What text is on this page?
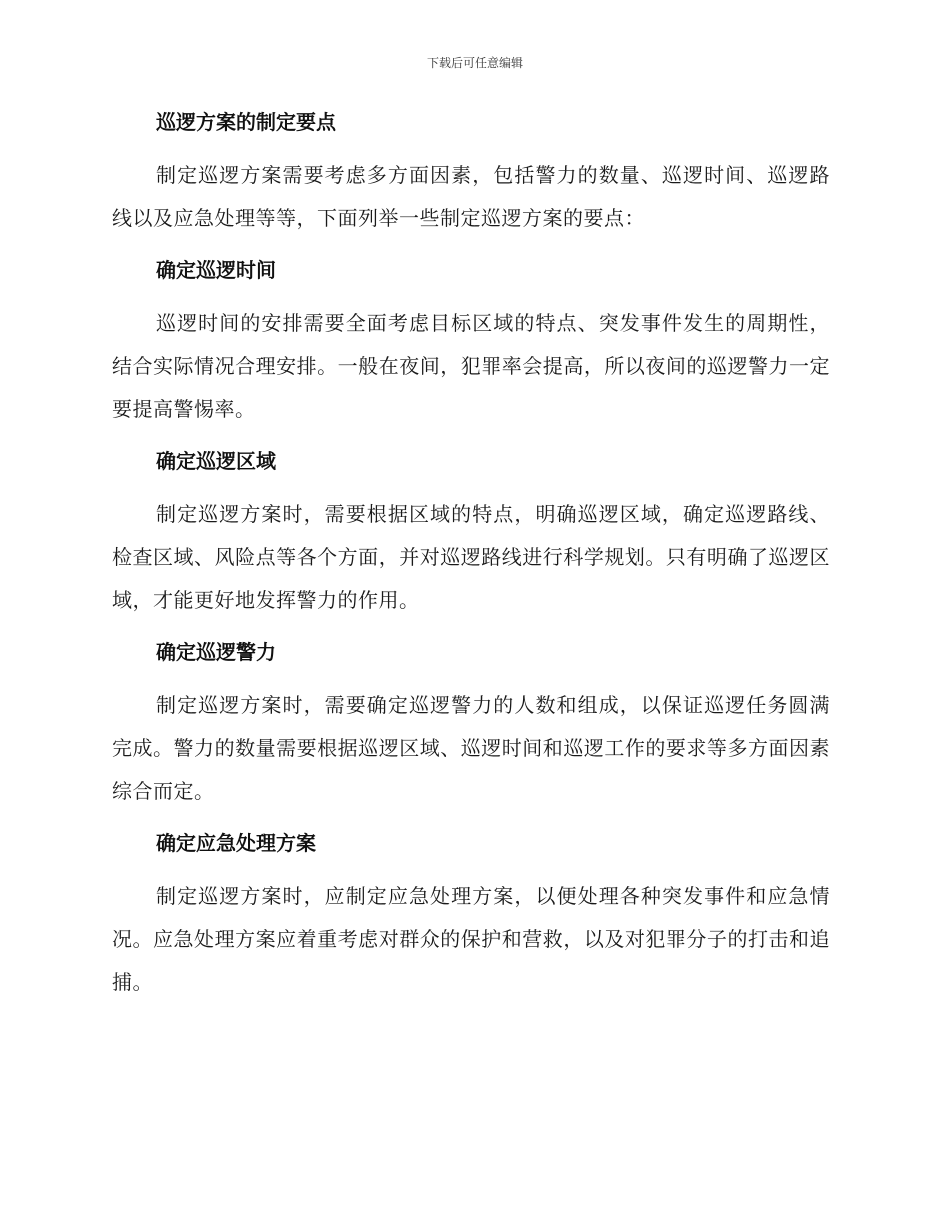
下载后可任意编辑
巡逻方案的制定要点
制定巡逻方案需要考虑多方面因素，包括警力的数量、巡逻时间、巡逻路线以及应急处理等等，下面列举一些制定巡逻方案的要点：
确定巡逻时间
巡逻时间的安排需要全面考虑目标区域的特点、突发事件发生的周期性，结合实际情况合理安排。一般在夜间，犯罪率会提高，所以夜间的巡逻警力一定要提高警惕率。
确定巡逻区域
制定巡逻方案时，需要根据区域的特点，明确巡逻区域，确定巡逻路线、检查区域、风险点等各个方面，并对巡逻路线进行科学规划。只有明确了巡逻区域，才能更好地发挥警力的作用。
确定巡逻警力
制定巡逻方案时，需要确定巡逻警力的人数和组成，以保证巡逻任务圆满完成。警力的数量需要根据巡逻区域、巡逻时间和巡逻工作的要求等多方面因素综合而定。
确定应急处理方案
制定巡逻方案时，应制定应急处理方案，以便处理各种突发事件和应急情况。应急处理方案应着重考虑对群众的保护和营救，以及对犯罪分子的打击和追捕。
